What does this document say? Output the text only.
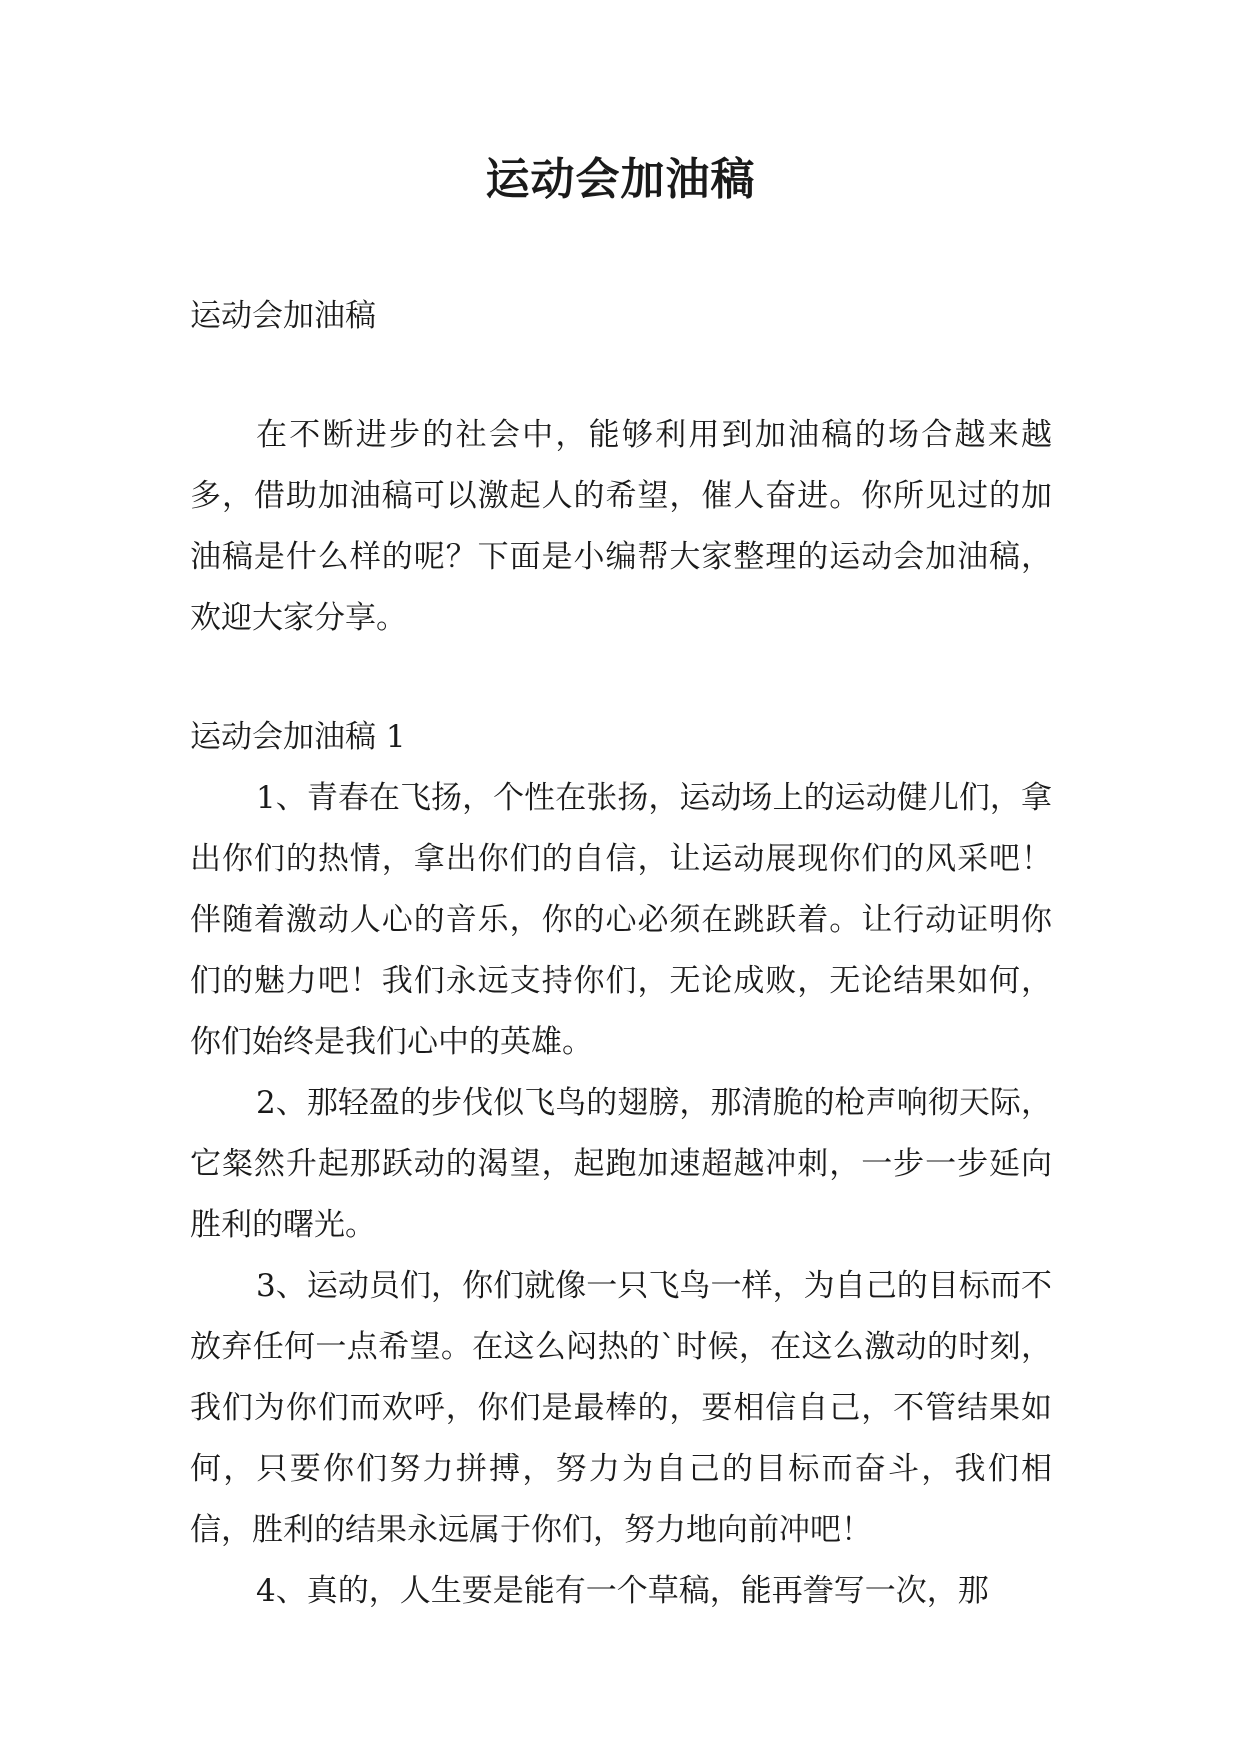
运动会加油稿

运动会加油稿

在不断进步的社会中，能够利用到加油稿的场合越来越多，借助加油稿可以激起人的希望，催人奋进。你所见过的加油稿是什么样的呢？下面是小编帮大家整理的运动会加油稿，欢迎大家分享。

运动会加油稿 1

1、青春在飞扬，个性在张扬，运动场上的运动健儿们，拿出你们的热情，拿出你们的自信，让运动展现你们的风采吧！伴随着激动人心的音乐，你的心必须在跳跃着。让行动证明你们的魅力吧！我们永远支持你们，无论成败，无论结果如何，你们始终是我们心中的英雄。

2、那轻盈的步伐似飞鸟的翅膀，那清脆的枪声响彻天际，它粲然升起那跃动的渴望，起跑加速超越冲刺，一步一步延向胜利的曙光。

3、运动员们，你们就像一只飞鸟一样，为自己的目标而不放弃任何一点希望。在这么闷热的`时候，在这么激动的时刻，我们为你们而欢呼，你们是最棒的，要相信自己，不管结果如何，只要你们努力拼搏，努力为自己的目标而奋斗，我们相信，胜利的结果永远属于你们，努力地向前冲吧！

4、真的，人生要是能有一个草稿，能再誊写一次，那
